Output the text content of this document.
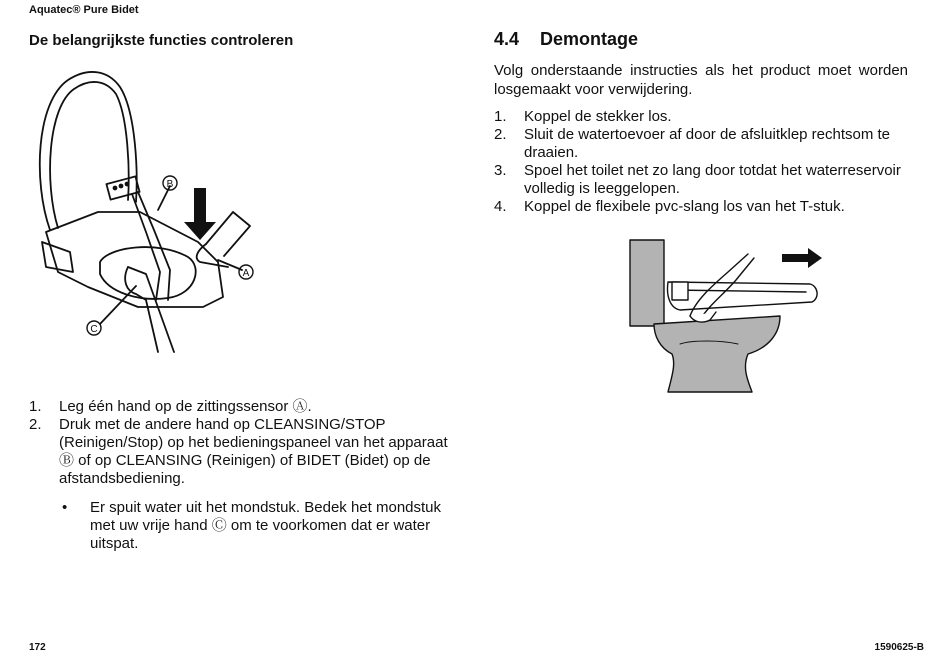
Aquatec® Pure Bidet
De belangrijkste functies controleren
B
A
C
4.4 Demontage
Volg onderstaande instructies als het product moet worden losgemaakt voor verwijdering.
1. Koppel de stekker los.
2. Sluit de watertoevoer af door de afsluitklep rechtsom te draaien.
3. Spoel het toilet net zo lang door totdat het waterreservoir volledig is leeggelopen.
4. Koppel de flexibele pvc-slang los van het T-stuk.
1. Leg één hand op de zittingssensor Ⓐ.
2. Druk met de andere hand op CLEANSING/STOP (Reinigen/Stop) op het bedieningspaneel van het apparaat Ⓑ of op CLEANSING (Reinigen) of BIDET (Bidet) op de afstandsbediening.
• Er spuit water uit het mondstuk. Bedek het mondstuk met uw vrije hand Ⓒ om te voorkomen dat er water uitspat.
172	1590625-B
